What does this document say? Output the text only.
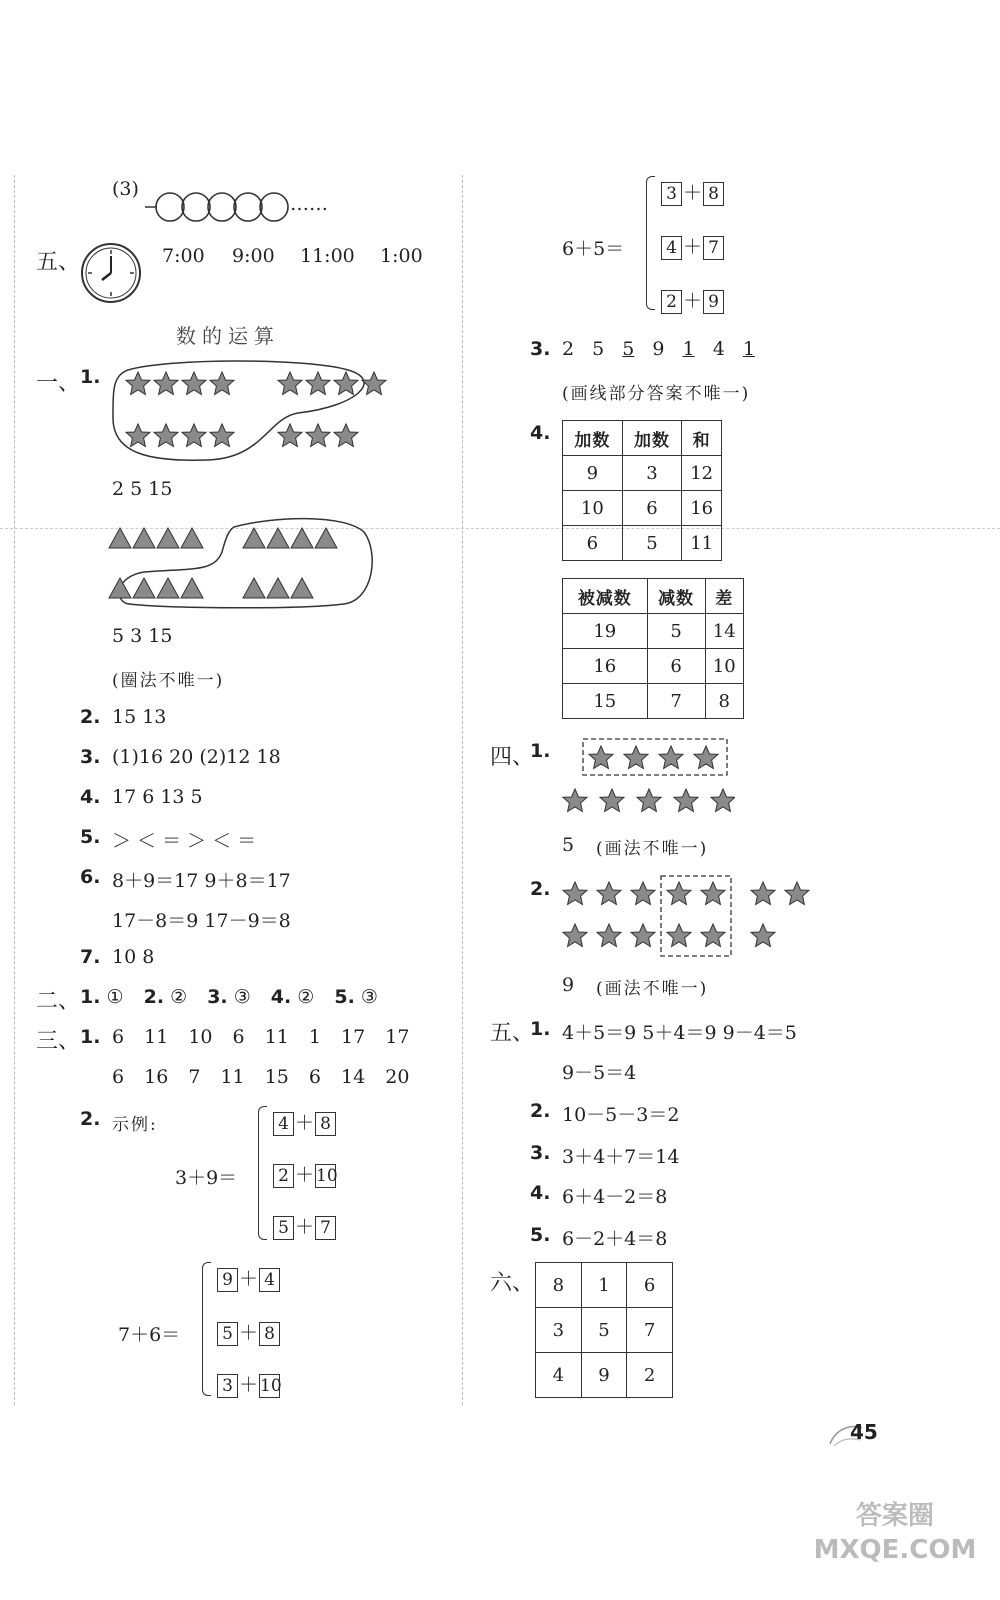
(3)
……
五、	7:00 9:00 11:00 1:00
数的运算
一、 1.
2 5 15
5 3 15
(圈法不唯一)
2. 15 13
3. (1)16 20 (2)12 18
4. 17 6 13 5
5. ＞ ＜ ＝ ＞ ＜ ＝
6. 8＋9＝17 9＋8＝17
17－8＝9 17－9＝8
7. 10 8
二、 1. ① 2. ② 3. ③ 4. ② 5. ③
三、 1. 6 11 10 6 11 1 17 17
6 16 7 11 15 6 14 20
2. 示例:
3＋9＝
4 ＋ 8
2 ＋ 10
5 ＋ 7
7＋6＝
9 ＋ 4
5 ＋ 8
3 ＋ 10
6＋5＝
3 ＋ 8
4 ＋ 7
2 ＋ 9
3. 2 5 5 9 1 4 1
(画线部分答案不唯一)
4. 加数	加数	和
9	3	12
10	6	16
6	5	11
被减数	减数	差
19	5	14
16	6	10
15	7	8
四、
1.
5 (画法不唯一)
2.
9 (画法不唯一)
五、
1. 4＋5＝9 5＋4＝9 9－4＝5
9－5＝4
2. 10－5－3＝2
3. 3＋4＋7＝14
4. 6＋4－2＝8
5. 6－2＋4＝8
六、 8	1	6
3	5	7
4	9	2
45
答案圈 MXQE.COM
